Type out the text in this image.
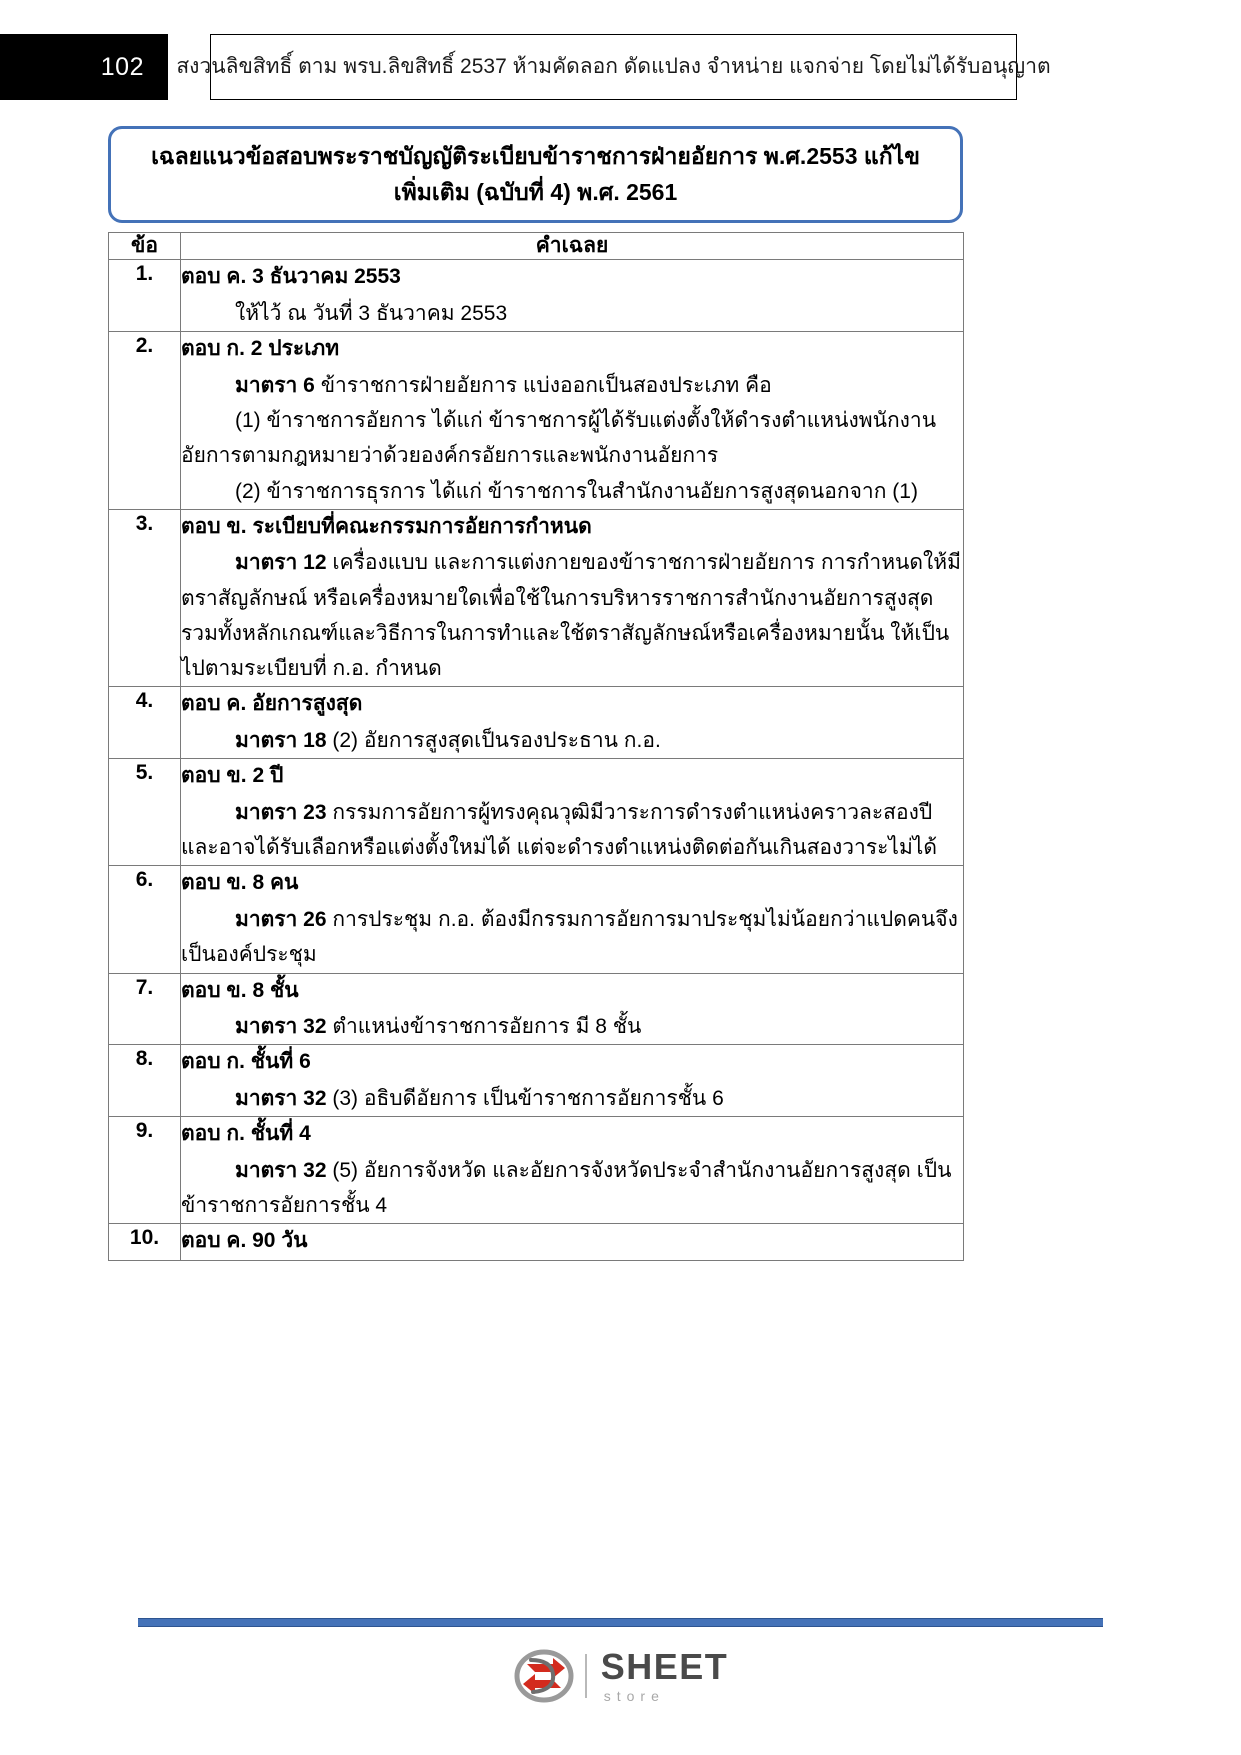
102 สงวนลิขสิทธิ์ ตาม พรบ.ลิขสิทธิ์ 2537 ห้ามคัดลอก ดัดแปลง จำหน่าย แจกจ่าย โดยไม่ได้รับอนุญาต
เฉลยแนวข้อสอบพระราชบัญญัติระเบียบข้าราชการฝ่ายอัยการ พ.ศ.2553 แก้ไขเพิ่มเติม (ฉบับที่ 4) พ.ศ. 2561
ข้อ	คำเฉลย
1.	ตอบ ค. 3 ธันวาคม 2553
ให้ไว้ ณ วันที่ 3 ธันวาคม 2553

2.	ตอบ ก. 2 ประเภท
มาตรา 6 ข้าราชการฝ่ายอัยการ แบ่งออกเป็นสองประเภท คือ
(1) ข้าราชการอัยการ ได้แก่ ข้าราชการผู้ได้รับแต่งตั้งให้ดำรงตำแหน่งพนักงานอัยการตามกฎหมายว่าด้วยองค์กรอัยการและพนักงานอัยการ
(2) ข้าราชการธุรการ ได้แก่ ข้าราชการในสำนักงานอัยการสูงสุดนอกจาก (1)

3.	ตอบ ข. ระเบียบที่คณะกรรมการอัยการกำหนด
มาตรา 12 เครื่องแบบ และการแต่งกายของข้าราชการฝ่ายอัยการ การกำหนดให้มีตราสัญลักษณ์ หรือเครื่องหมายใดเพื่อใช้ในการบริหารราชการสำนักงานอัยการสูงสุด รวมทั้งหลักเกณฑ์และวิธีการในการทำและใช้ตราสัญลักษณ์หรือเครื่องหมายนั้น ให้เป็นไปตามระเบียบที่ ก.อ. กำหนด

4.	ตอบ ค. อัยการสูงสุด
มาตรา 18 (2) อัยการสูงสุดเป็นรองประธาน ก.อ.

5.	ตอบ ข. 2 ปี
มาตรา 23 กรรมการอัยการผู้ทรงคุณวุฒิมีวาระการดำรงตำแหน่งคราวละสองปีและอาจได้รับเลือกหรือแต่งตั้งใหม่ได้ แต่จะดำรงตำแหน่งติดต่อกันเกินสองวาระไม่ได้

6.	ตอบ ข. 8 คน
มาตรา 26 การประชุม ก.อ. ต้องมีกรรมการอัยการมาประชุมไม่น้อยกว่าแปดคนจึงเป็นองค์ประชุม

7.	ตอบ ข. 8 ชั้น
มาตรา 32 ตำแหน่งข้าราชการอัยการ มี 8 ชั้น

8.	ตอบ ก. ชั้นที่ 6
มาตรา 32 (3) อธิบดีอัยการ เป็นข้าราชการอัยการชั้น 6

9.	ตอบ ก. ชั้นที่ 4
มาตรา 32 (5) อัยการจังหวัด และอัยการจังหวัดประจำสำนักงานอัยการสูงสุด เป็นข้าราชการอัยการชั้น 4

10.	ตอบ ค. 90 วัน
SHEET
store
